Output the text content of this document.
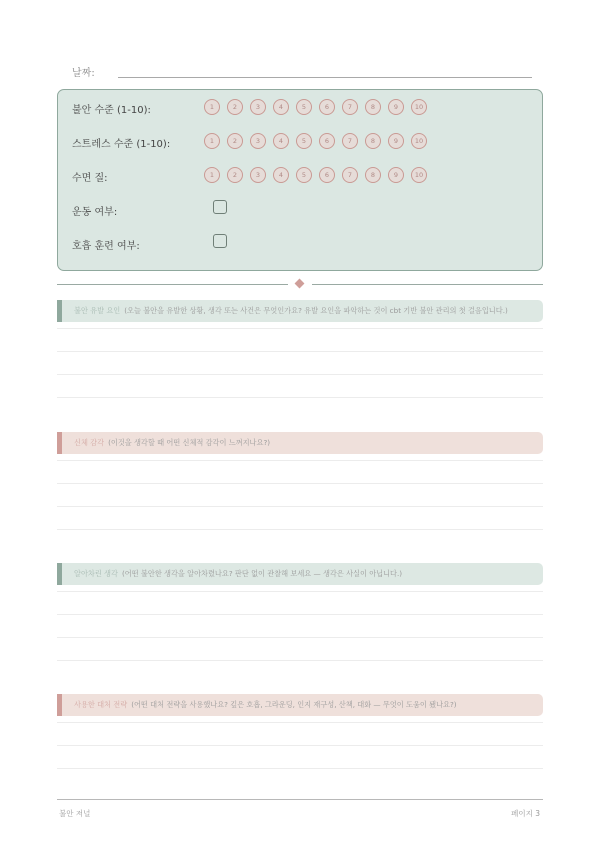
날짜:
불안 수준 (1-10):	1	2	3	4	5	6	7	8	9	10
스트레스 수준 (1-10):	1	2	3	4	5	6	7	8	9	10
수면 질:	1	2	3	4	5	6	7	8	9	10
운동 여부:
호흡 훈련 여부:
불안 유발 요인 (오늘 불안을 유발한 상황, 생각 또는 사건은 무엇인가요? 유발 요인을 파악하는 것이 cbt 기반 불안 관리의 첫 걸음입니다.)
신체 감각 (이것을 생각할 때 어떤 신체적 감각이 느껴지나요?)
알아차린 생각 (어떤 불안한 생각을 알아차렸나요? 판단 없이 관찰해 보세요 — 생각은 사실이 아닙니다.)
사용한 대처 전략 (어떤 대처 전략을 사용했나요? 깊은 호흡, 그라운딩, 인지 재구성, 산책, 대화 — 무엇이 도움이 됐나요?)
불안 저널	페이지 3
